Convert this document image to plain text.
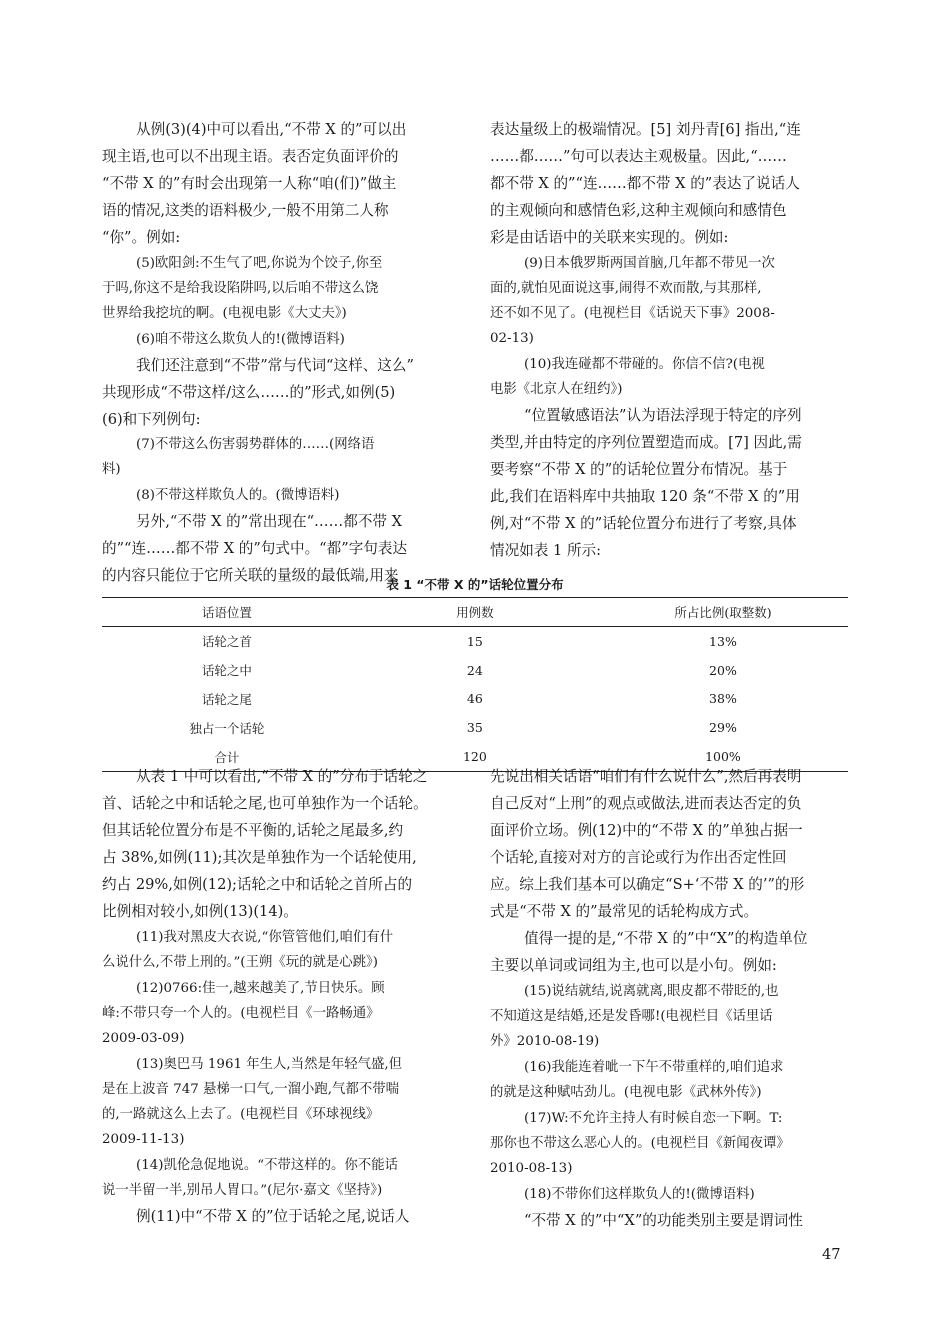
从例(3)(4)中可以看出,“不带 X 的”可以出
现主语,也可以不出现主语。表否定负面评价的
“不带 X 的”有时会出现第一人称“咱(们)”做主
语的情况,这类的语料极少,一般不用第二人称
“你”。例如:
(5)欧阳剑:不生气了吧,你说为个饺子,你至
于吗,你这不是给我设陷阱吗,以后咱不带这么饶
世界给我挖坑的啊。(电视电影《大丈夫》)
(6)咱不带这么欺负人的!(微博语料)
我们还注意到“不带”常与代词“这样、这么”
共现形成“不带这样/这么……的”形式,如例(5)
(6)和下列例句:
(7)不带这么伤害弱势群体的……(网络语
料)
(8)不带这样欺负人的。(微博语料)
另外,“不带 X 的”常出现在“……都不带 X
的”“连……都不带 X 的”句式中。“都”字句表达
的内容只能位于它所关联的量级的最低端,用来
表达量级上的极端情况。[5] 刘丹青[6] 指出,“连
……都……”句可以表达主观极量。因此,“……
都不带 X 的”“连……都不带 X 的”表达了说话人
的主观倾向和感情色彩,这种主观倾向和感情色
彩是由话语中的关联来实现的。例如:
(9)日本俄罗斯两国首脑,几年都不带见一次
面的,就怕见面说这事,闹得不欢而散,与其那样,
还不如不见了。(电视栏目《话说天下事》2008-
02-13)
(10)我连碰都不带碰的。你信不信?(电视
电影《北京人在纽约》)
“位置敏感语法”认为语法浮现于特定的序列
类型,并由特定的序列位置塑造而成。[7] 因此,需
要考察“不带 X 的”的话轮位置分布情况。基于
此,我们在语料库中共抽取 120 条“不带 X 的”用
例,对“不带 X 的”话轮位置分布进行了考察,具体
情况如表 1 所示:
表 1 “不带 X 的”话轮位置分布
话语位置	用例数	所占比例(取整数)
话轮之首	15	13%
话轮之中	24	20%
话轮之尾	46	38%
独占一个话轮	35	29%
合计	120	100%
从表 1 中可以看出,“不带 X 的”分布于话轮之
首、话轮之中和话轮之尾,也可单独作为一个话轮。
但其话轮位置分布是不平衡的,话轮之尾最多,约
占 38%,如例(11);其次是单独作为一个话轮使用,
约占 29%,如例(12);话轮之中和话轮之首所占的
比例相对较小,如例(13)(14)。
(11)我对黑皮大衣说,“你管管他们,咱们有什
么说什么,不带上刑的。”(王朔《玩的就是心跳》)
(12)0766:佳一,越来越美了,节日快乐。顾
峰:不带只夸一个人的。(电视栏目《一路畅通》
2009-03-09)
(13)奥巴马 1961 年生人,当然是年轻气盛,但
是在上波音 747 悬梯一口气,一溜小跑,气都不带喘
的,一路就这么上去了。(电视栏目《环球视线》
2009-11-13)
(14)凯伦急促地说。“不带这样的。你不能话
说一半留一半,别吊人胃口。”(尼尔·嘉文《坚持》)
例(11)中“不带 X 的”位于话轮之尾,说话人
先说出相关话语“咱们有什么说什么”,然后再表明
自己反对“上刑”的观点或做法,进而表达否定的负
面评价立场。例(12)中的“不带 X 的”单独占据一
个话轮,直接对对方的言论或行为作出否定性回
应。综上我们基本可以确定“S+‘不带 X 的’”的形
式是“不带 X 的”最常见的话轮构成方式。
值得一提的是,“不带 X 的”中“X”的构造单位
主要以单词或词组为主,也可以是小句。例如:
(15)说结就结,说离就离,眼皮都不带眨的,也
不知道这是结婚,还是发昏哪!(电视栏目《话里话
外》2010-08-19)
(16)我能连着呲一下午不带重样的,咱们追求
的就是这种赋咕劲儿。(电视电影《武林外传》)
(17)W:不允许主持人有时候自恋一下啊。T:
那你也不带这么恶心人的。(电视栏目《新闻夜谭》
2010-08-13)
(18)不带你们这样欺负人的!(微博语料)
“不带 X 的”中“X”的功能类别主要是谓词性
47
